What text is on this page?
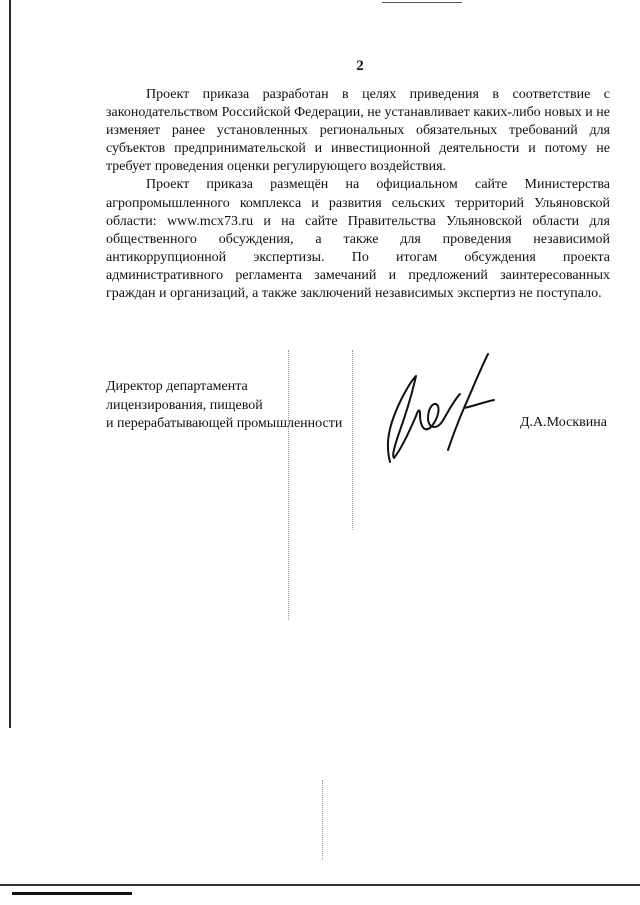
2

Проект приказа разработан в целях приведения в соответствие с законодательством Российской Федерации, не устанавливает каких-либо новых и не изменяет ранее установленных региональных обязательных требований для субъектов предпринимательской и инвестиционной деятельности и потому не требует проведения оценки регулирующего воздействия.

Проект приказа размещён на официальном сайте Министерства агропромышленного комплекса и развития сельских территорий Ульяновской области: www.mcx73.ru и на сайте Правительства Ульяновской области для общественного обсуждения, а также для проведения независимой антикоррупционной экспертизы. По итогам обсуждения проекта административного регламента замечаний и предложений заинтересованных граждан и организаций, а также заключений независимых экспертиз не поступало.

Директор департамента
лицензирования, пищевой
и перерабатывающей промышленности	Д.А.Москвина
